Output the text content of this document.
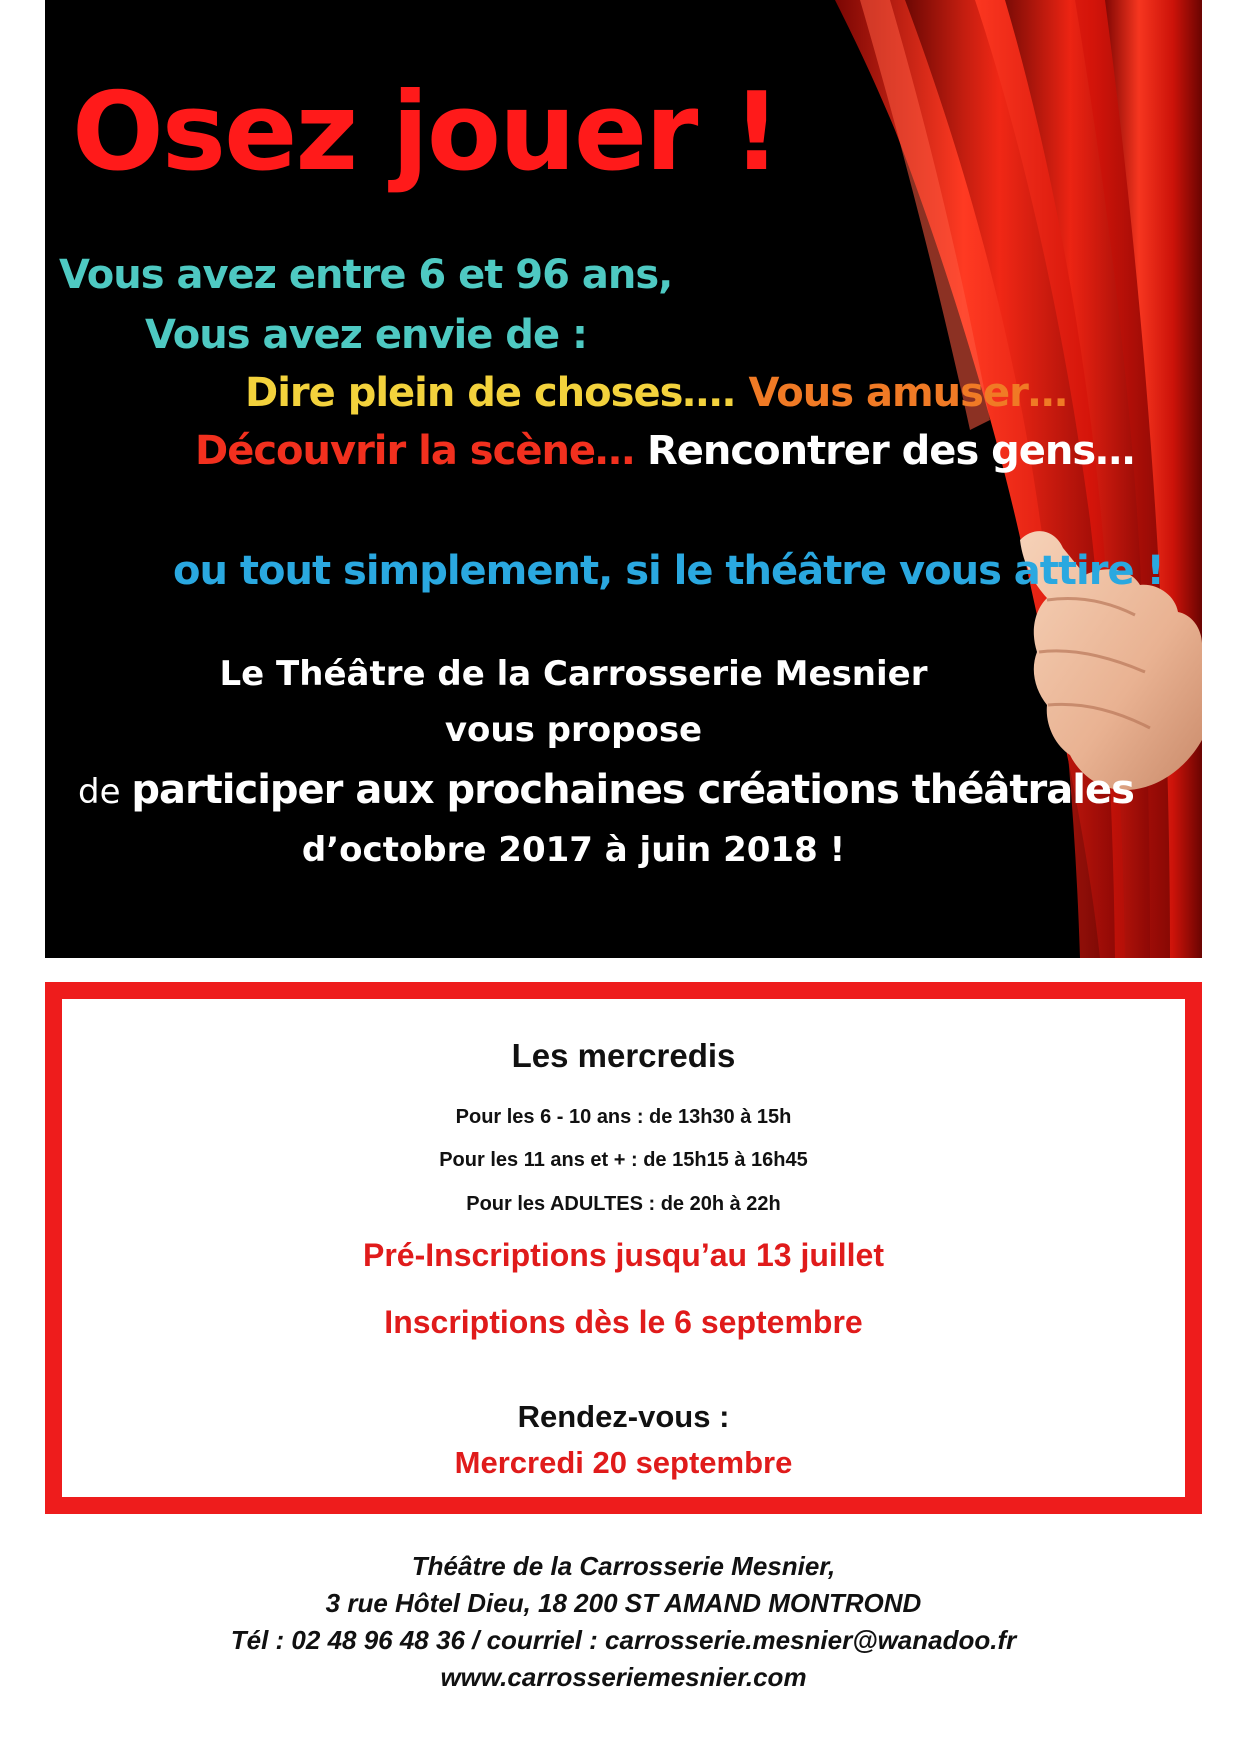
Osez jouer !

Vous avez entre 6 et 96 ans,

Vous avez envie de :

Dire plein de choses…. Vous amuser…

Découvrir la scène… Rencontrer des gens…

ou tout simplement, si le théâtre vous attire !

Le Théâtre de la Carrosserie Mesnier

vous propose

de participer aux prochaines créations théâtrales

d’octobre 2017 à juin 2018 !

Les mercredis

Pour les 6 - 10 ans : de 13h30 à 15h

Pour les 11 ans et + : de 15h15 à 16h45

Pour les ADULTES : de 20h à 22h

Pré-Inscriptions jusqu’au 13 juillet

Inscriptions dès le 6 septembre

Rendez-vous :

Mercredi 20 septembre

Théâtre de la Carrosserie Mesnier,

3 rue Hôtel Dieu, 18 200 ST AMAND MONTROND

Tél : 02 48 96 48 36 / courriel : carrosserie.mesnier@wanadoo.fr

www.carrosseriemesnier.com
